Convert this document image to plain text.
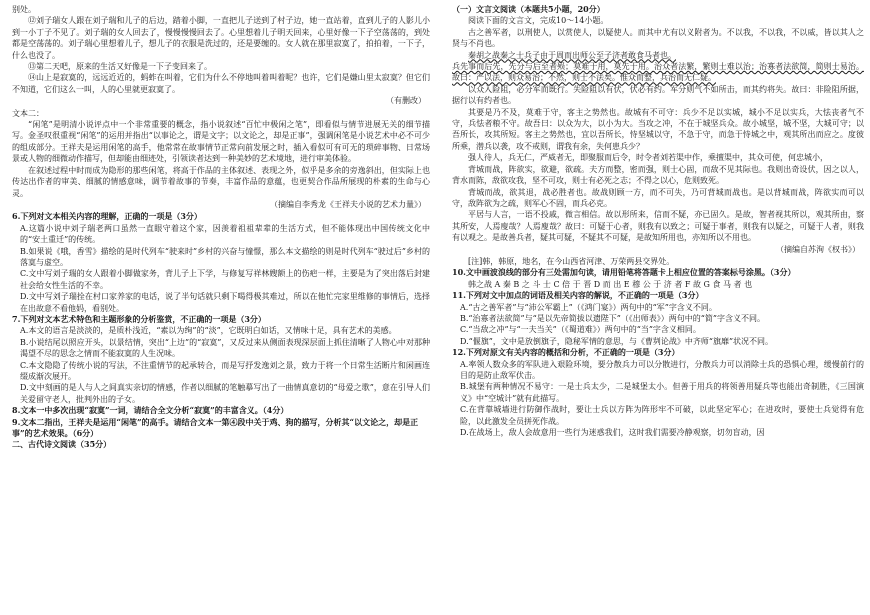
别处。

⑫刘子瑞女人跟在刘子瑞和儿子的后边，踏着小脚，一直把儿子送到了村子边，她一直站着，直到儿子的人影儿小到一小丁子不见了。刘子瑞的女人回去了，慢慢慢慢回去了。心里想着儿子明天回来，心里好像一下子空荡荡的，到处都是空荡荡的。刘子瑞心里想着儿子，想儿子的衣服是洗过的，还是要缠的。女人就在那里寂寞了，拍拍着，一下子，什么也没了。

⑬第二天吧，原来的生活又好像是一下子变回来了。

⑭山上是寂寞的，远远近近的，蚂蚱在叫着，它们为什么不停地叫着叫着呢？也许，它们是嫌山里太寂寞？但它们不知道，它们这么一叫，人的心里就更寂寞了。

（有删改）

文本二：

“闲笔”是明清小说评点中一个非常重要的概念，指小说叙述“百忙中极闲之笔”，即看似与情节进展无关的细节描写。金圣叹很重视“闲笔”的运用并指出“以事论之，谓是文字；以文论之，却是正事”，强调闲笔是小说艺术中必不可少的组成部分。王祥夫是运用闲笔的高手，他常常在故事情节正常向前发展之时，插入看似可有可无的琐碎事物、日常场景或人物的细微动作描写，但却能由细迹处，引领读者达到一种美妙的艺术境地，进行审美体验。

在叙述过程中时而成为隐形的那些闲笔，将高于作品的主体叙述、表现之外，似乎是多余的旁逸斜出，但实际上也传达出作者的审美、细腻的情感意味，调节着故事的节奏，丰富作品的意蕴，也更契合作品所展现的朴素的生命与心灵。

（摘编自李秀龙《王祥夫小说的艺术力量》）

6.下列对文本相关内容的理解，正确的一项是（3分）

A.这篇小说中刘子瑞老两口虽然一直眼守着这个家，因羡着祖祖辈辈的生活方式，但不能体现出中国传统文化中的“安土重迁”的传统。

B.如果说《哦，香雪》描绘的是时代列车“驶来时”乡村的兴奋与憧憬，那么本文描绘的则是时代列车“驶过后”乡村的落寞与虚空。

C.文中写刘子瑞的女人跟着小脚做家务，背儿子上下学，与修复写祥林嫂额上的伤疤一样，主要是为了突出落后封建社会给女性生活的不幸。

D.文中写刘子瑞拴在村口家养家的电话，说了半句话就只剩下喝得极其难过，所以在他忙完家里维修的事情后，选择在出故意不看他妈，看别处。

7.下列对文本艺术特色和主题形象的分析鉴赏，不正确的一项是（3分）

A.本文的语言是淡淡的，是质朴浅近，“素以为绚”的“淡”，它既明白如话，又情味十足，具有艺术的美感。

B.小说结尾以照应开头，以景结情，突出“上边”的“寂寞”，又反过来从侧面表现深层面上抓住清晰了人物心中对那种渴望不尽的思念之情而不能寂寞的人生况味。

C.本文隐隐了传统小说的写法，不注重情节的起承转合，而是写抒发逸刘之景，致力于将一个日常生活断片和闲画连缀成渐次展开。

D.文中刻画的是人与人之间真实亲切的情感，作者以细腻的笔触摹写出了一曲情真意切的“母爱之歌”，意在引导人们关爱留守老人，批判外出的子女。

8.文本一中多次出现“寂寞”一词，请结合全文分析“寂寞”的丰富含义。（4分）

9.文本二指出，王祥夫是运用“闲笔”的高手。请结合文本一第④段中关于鸡、狗的描写，分析其“以文论之，却是正事”的艺术效果。（6分）

二、古代诗文阅读（35分）

（一）文言文阅读（本题共5小题，20分）

阅读下面的文言文，完成10～14小题。

古之善军者，以刑使人，以赏使人，以疑使人。而其中尤有以义附者为。不以我，不以我，不以威，皆以其人之贤与不肖也。

秦胡之战秦之士兵子由于周而出师公至子济者敢食马者也。

兵先事而后先，先分与后至者殒；莫难于用，莫先于用。治众者法繁，繁则士难以治；治寡者法欲简，简则士易治。故曰：严以法，则众易治；不然，则士不法矣。惟众而整，兵治而无仁疑。

以众入险阻，必分军而既行。失险阻以有伏，伏必有约。军分则气不如所击，而其约将失。故曰：非险阻所据，据行以有约者也。

其要是乃不及，莫难于守，客主之势然也。故城有不可守：兵少不足以实城，城小不足以实兵，大怯丧者气不守，兵怯者粮不守。故吾曰：以众为大，以小为大。当攻之冲，不在于城坚兵众。故小城坚，城不坚，大城可守；以吾所长，攻其所短。客主之势然也，宜以吾所长，恃坚城以守，不急于守，而急于恃城之中，观其所出而应之。度彼所乘，潜兵以袭，攻不戒则，谓我有余，失何患兵少？

强人待人，兵无仁，严威者无，即聚服而后令，时令者刘若渠中作，乘擅渠中，其众可使，何忠城小，

背城而战，阵欲实，欲避，欲疏。夫方而整，密而强，则士心固，而敌不见其际也。我则出奇设伏，因之以人，背水而陈，敌欲攻我，坚不可攻，则士有必死之志；不得之以心，危则致死。

背城而战，欲其退，战必胜者也。故战则顾一方，而不可失，乃可背城而战也。是以背城而战，阵欲实而可以守，敌阵欲为之疏，则军心不固，而兵必克。

平居与人言，一语不投戚，微言相信。故以形所来，信而不疑，亦已固久。是故，智者视其所以，观其所由，察其所安，人焉廋哉？人焉廋哉？故曰：可疑于心者，则我有以致之；可疑于事者，则我有以疑之，可疑于人者，则我有以观之。是故善兵者，疑其可疑，不疑其不可疑，是故知所用也，亦知所以不用也。

（摘编自苏洵《权书》）

[注]韩，韩原，地名，在今山西省河津、万荣两县交界处。

10.文中画波浪线的部分有三处需加句读，请用铅笔将答题卡上相应位置的答案标号涂黑。（3分）

韩之战 A 秦 B 之 斗 士 C 倍 于 晋 D 而 出 E 穆 公 于 济 者 F 故 G 食 马 者 也

11.下列对文中加点的词语及相关内容的解说，不正确的一项是（3分）

A.“古之善军者”与“沛公军霸上”（《鸿门宴》）两句中的“军”字含义不同。

B.“治寡者法欲简”与“是以先帝简拔以遗陛下”（《出师表》）两句中的“简”字含义不同。

C.“当敌之冲”与“一夫当关”（《蜀道难》）两句中的“当”字含义相同。

D.“偃旗”，文中是放倒旗子，隐秘军情的意思，与《曹刿论战》中齐师“旗靡”状况不同。

12.下列对原文有关内容的概括和分析，不正确的一项是（3分）

A.率领人数众多的军队进入艰险环境，要分散兵力可以分散进行，分散兵力可以消除士兵的恐惧心理，缓慢前行的目的是防止敌军伏击。

B.城堡有两种情况不易守：一是士兵太少，二是城堡太小。但善于用兵的将领善用疑兵等也能出奇制胜，《三国演义》中“空城计”就有此描写。

C.在背靠城墙进行防御作战时，要让士兵以方阵为阵形牢不可破，以此坚定军心；在进攻时，要使士兵觉得有危险，以此激发全员拼死作战。

D.在战场上，敌人会故意用一些行为迷惑我们，这时我们需要冷静观察，切勿盲动，因
